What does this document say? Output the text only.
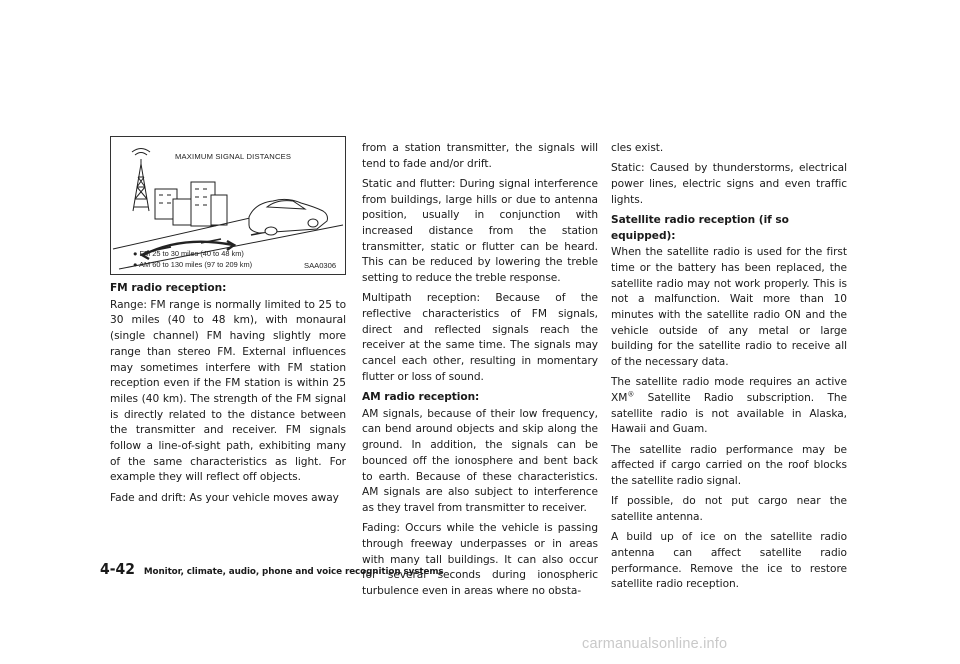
MAXIMUM SIGNAL DISTANCES
● FM 25 to 30 miles (40 to 48 km)
● AM 60 to 130 miles (97 to 209 km)	SAA0306
FM radio reception:

Range: FM range is normally limited to 25 to 30 miles (40 to 48 km), with monaural (single channel) FM having slightly more range than stereo FM. External influences may sometimes interfere with FM station reception even if the FM station is within 25 miles (40 km). The strength of the FM signal is directly related to the distance between the transmitter and receiver. FM signals follow a line-of-sight path, exhibiting many of the same characteristics as light. For example they will reflect off objects.

Fade and drift: As your vehicle moves away

from a station transmitter, the signals will tend to fade and/or drift.

Static and flutter: During signal interference from buildings, large hills or due to antenna position, usually in conjunction with increased distance from the station transmitter, static or flutter can be heard. This can be reduced by lowering the treble setting to reduce the treble response.

Multipath reception: Because of the reflective characteristics of FM signals, direct and reflected signals reach the receiver at the same time. The signals may cancel each other, resulting in momentary flutter or loss of sound.

AM radio reception:

AM signals, because of their low frequency, can bend around objects and skip along the ground. In addition, the signals can be bounced off the ionosphere and bent back to earth. Because of these characteristics. AM signals are also subject to interference as they travel from transmitter to receiver.

Fading: Occurs while the vehicle is passing through freeway underpasses or in areas with many tall buildings. It can also occur for several seconds during ionospheric turbulence even in areas where no obsta-

cles exist.

Static: Caused by thunderstorms, electrical power lines, electric signs and even traffic lights.

Satellite radio reception (if so equipped):

When the satellite radio is used for the first time or the battery has been replaced, the satellite radio may not work properly. This is not a malfunction. Wait more than 10 minutes with the satellite radio ON and the vehicle outside of any metal or large building for the satellite radio to receive all of the necessary data.

The satellite radio mode requires an active XM® Satellite Radio subscription. The satellite radio is not available in Alaska, Hawaii and Guam.

The satellite radio performance may be affected if cargo carried on the roof blocks the satellite radio signal.

If possible, do not put cargo near the satellite antenna.

A build up of ice on the satellite radio antenna can affect satellite radio performance. Remove the ice to restore satellite radio reception.

4-42 Monitor, climate, audio, phone and voice recognition systems
carmanualsonline.info
